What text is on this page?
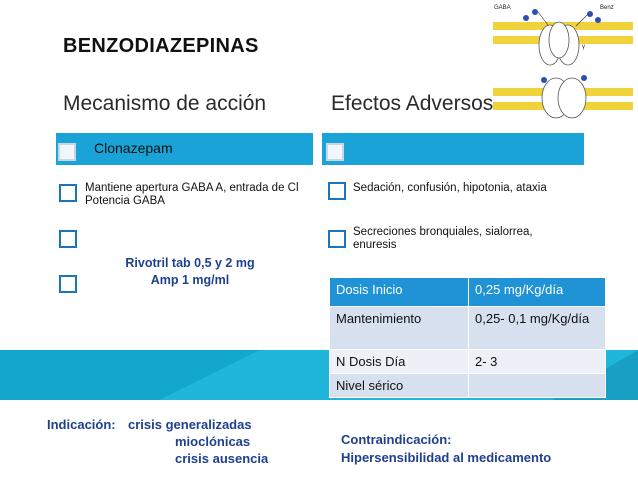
BENZODIAZEPINAS
GABA	Benz
γ
Mecanismo de acción	Efectos Adversos
Clonazepam
Mantiene apertura GABA A, entrada de Cl Potencia GABA
Rivotril tab 0,5 y 2 mg
Amp 1 mg/ml
Sedación, confusión, hipotonia, ataxia
Secreciones bronquiales, sialorrea, enuresis
Dosis Inicio	0,25 mg/Kg/día
Mantenimiento	0,25- 0,1 mg/Kg/día
N Dosis Día	2- 3
Nivel sérico	
Indicación: crisis generalizadas
mioclónicas
crisis ausencia
Contraindicación:
Hipersensibilidad al medicamento
